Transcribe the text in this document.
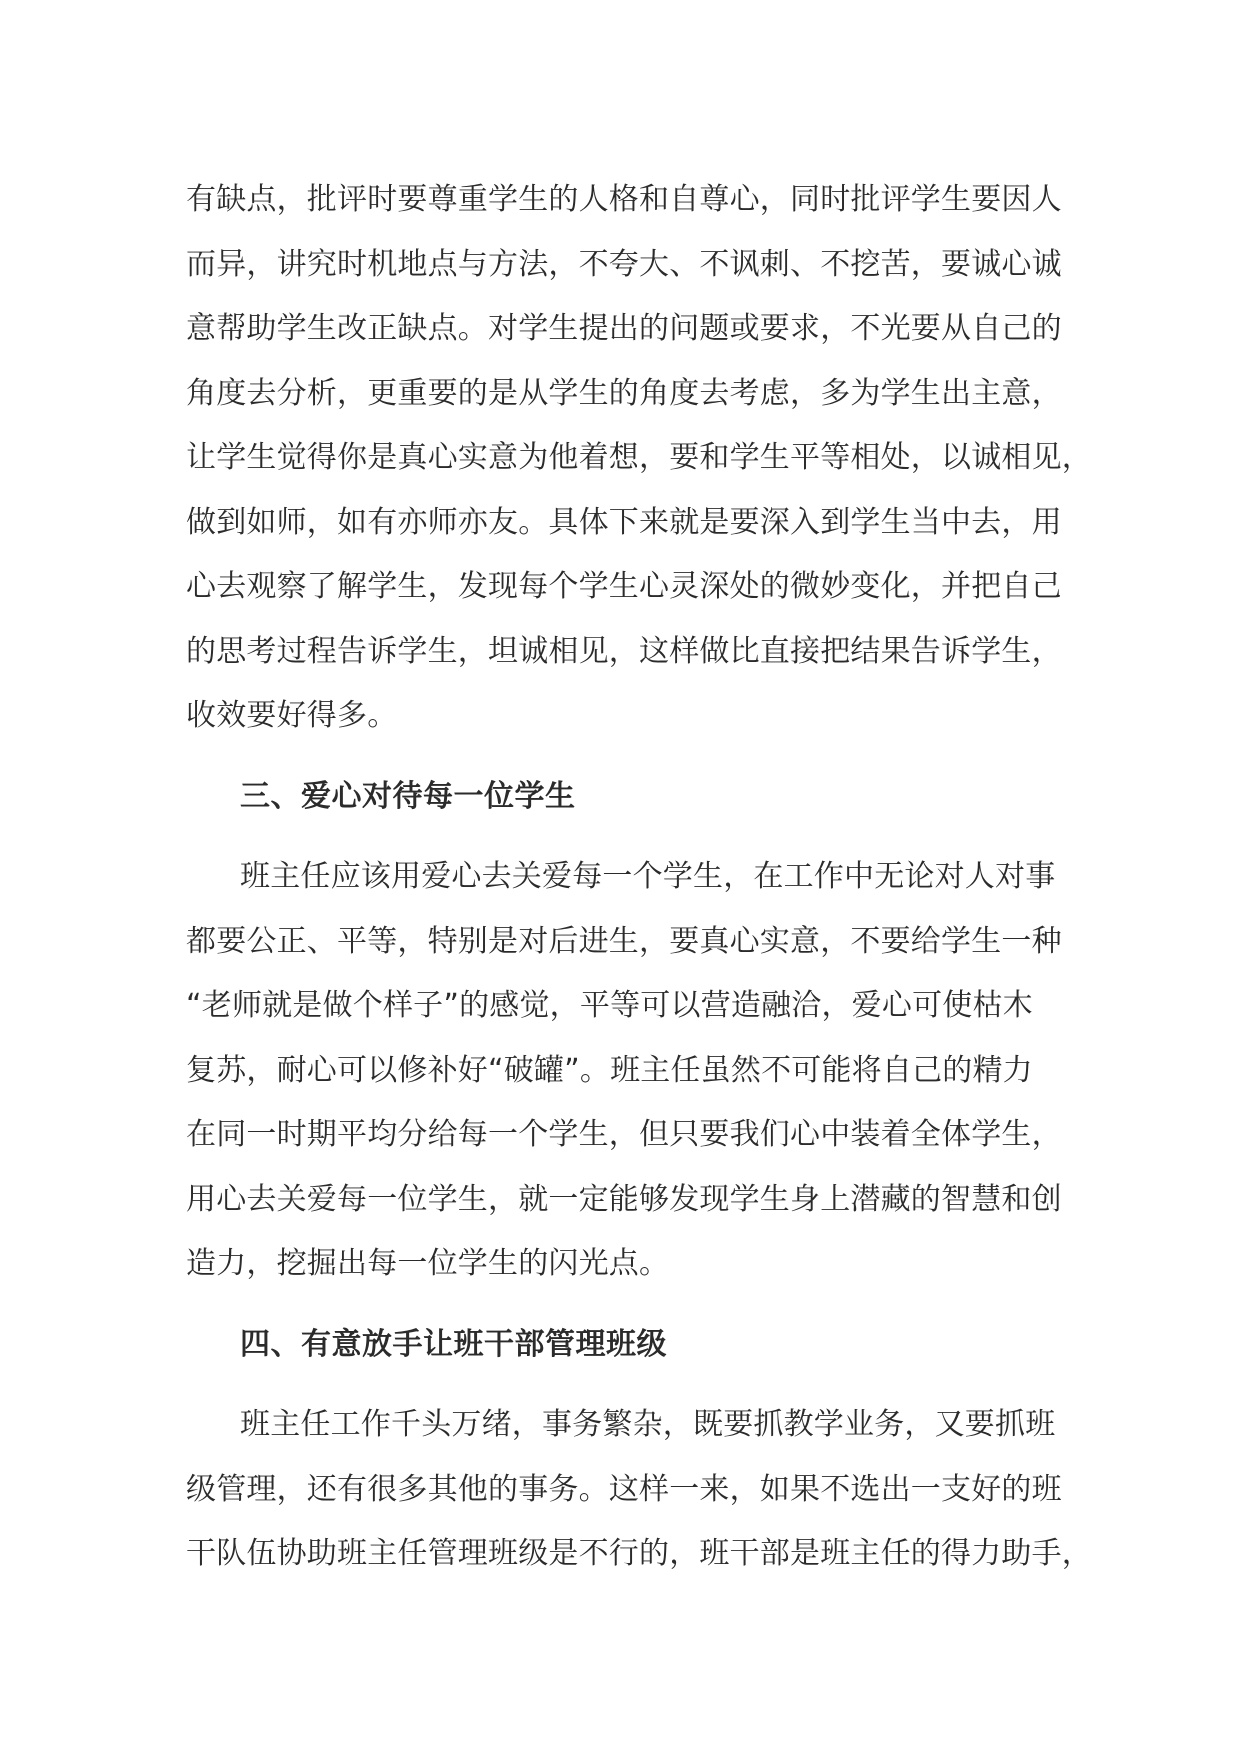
有缺点，批评时要尊重学生的人格和自尊心，同时批评学生要因人
而异，讲究时机地点与方法，不夸大、不讽刺、不挖苦，要诚心诚
意帮助学生改正缺点。对学生提出的问题或要求，不光要从自己的
角度去分析，更重要的是从学生的角度去考虑，多为学生出主意，
让学生觉得你是真心实意为他着想，要和学生平等相处，以诚相见，
做到如师，如有亦师亦友。具体下来就是要深入到学生当中去，用
心去观察了解学生，发现每个学生心灵深处的微妙变化，并把自己
的思考过程告诉学生，坦诚相见，这样做比直接把结果告诉学生，
收效要好得多。
三、爱心对待每一位学生
班主任应该用爱心去关爱每一个学生，在工作中无论对人对事
都要公正、平等，特别是对后进生，要真心实意，不要给学生一种
“老师就是做个样子”的感觉，平等可以营造融洽，爱心可使枯木
复苏，耐心可以修补好“破罐”。班主任虽然不可能将自己的精力
在同一时期平均分给每一个学生，但只要我们心中装着全体学生，
用心去关爱每一位学生，就一定能够发现学生身上潜藏的智慧和创
造力，挖掘出每一位学生的闪光点。
四、有意放手让班干部管理班级
班主任工作千头万绪，事务繁杂，既要抓教学业务，又要抓班
级管理，还有很多其他的事务。这样一来，如果不选出一支好的班
干队伍协助班主任管理班级是不行的，班干部是班主任的得力助手，
